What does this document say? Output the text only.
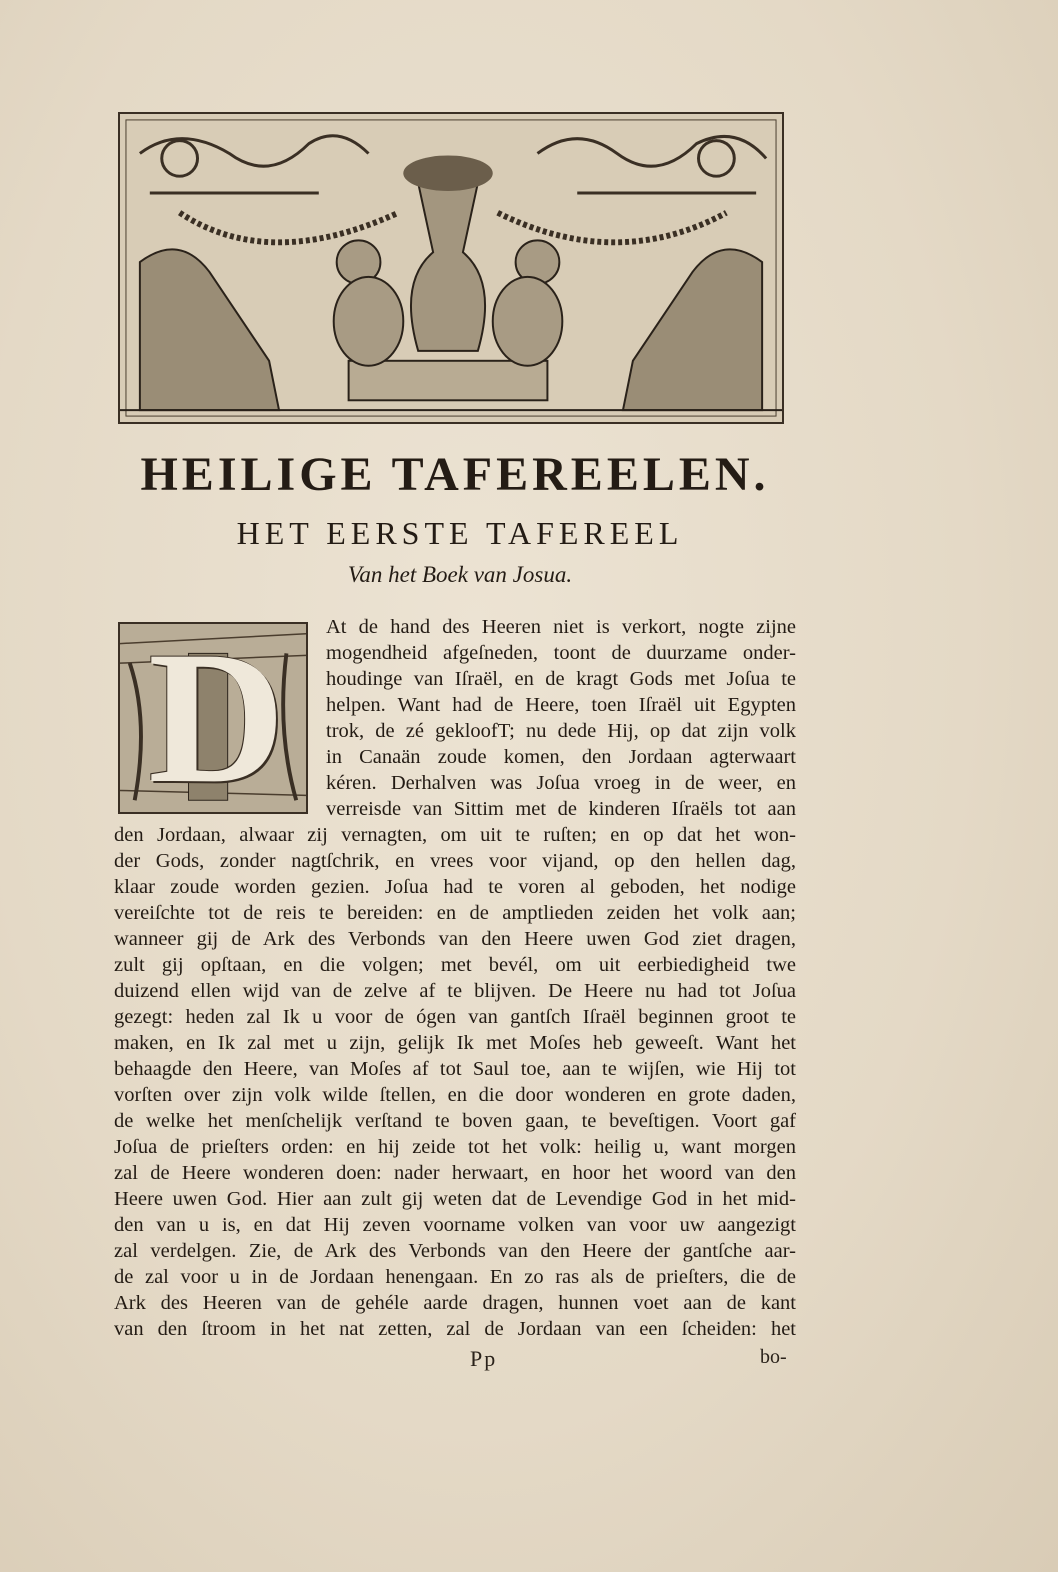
HEILIGE TAFEREELEN.
HET EERSTE TAFEREEL
Van het Boek van Josua.
D	At de hand des Heeren niet is verkort, nogte zijne
mogendheid afgeſneden, toont de duurzame onder-
houdinge van Iſraël, en de kragt Gods met Joſua te
helpen. Want had de Heere, toen Iſraël uit Egypten
trok, de zé gekloofT; nu dede Hij, op dat zijn volk
in Canaän zoude komen, den Jordaan agterwaart
kéren. Derhalven was Joſua vroeg in de weer, en
verreisde van Sittim met de kinderen Iſraëls tot aan
den Jordaan, alwaar zij vernagten, om uit te ruſten; en op dat het won-
der Gods, zonder nagtſchrik, en vrees voor vijand, op den hellen dag,
klaar zoude worden gezien. Joſua had te voren al geboden, het nodige
vereiſchte tot de reis te bereiden: en de amptlieden zeiden het volk aan;
wanneer gij de Ark des Verbonds van den Heere uwen God ziet dragen,
zult gij opſtaan, en die volgen; met bevél, om uit eerbiedigheid twe
duizend ellen wijd van de zelve af te blijven. De Heere nu had tot Joſua
gezegt: heden zal Ik u voor de ógen van gantſch Iſraël beginnen groot te
maken, en Ik zal met u zijn, gelijk Ik met Moſes heb geweeſt. Want het
behaagde den Heere, van Moſes af tot Saul toe, aan te wijſen, wie Hij tot
vorſten over zijn volk wilde ſtellen, en die door wonderen en grote daden,
de welke het menſchelijk verſtand te boven gaan, te beveſtigen. Voort gaf
Joſua de prieſters orden: en hij zeide tot het volk: heilig u, want morgen
zal de Heere wonderen doen: nader herwaart, en hoor het woord van den
Heere uwen God. Hier aan zult gij weten dat de Levendige God in het mid-
den van u is, en dat Hij zeven voorname volken van voor uw aangezigt
zal verdelgen. Zie, de Ark des Verbonds van den Heere der gantſche aar-
de zal voor u in de Jordaan henengaan. En zo ras als de prieſters, die de
Ark des Heeren van de gehéle aarde dragen, hunnen voet aan de kant
van den ſtroom in het nat zetten, zal de Jordaan van een ſcheiden: het
Pp	bo-
